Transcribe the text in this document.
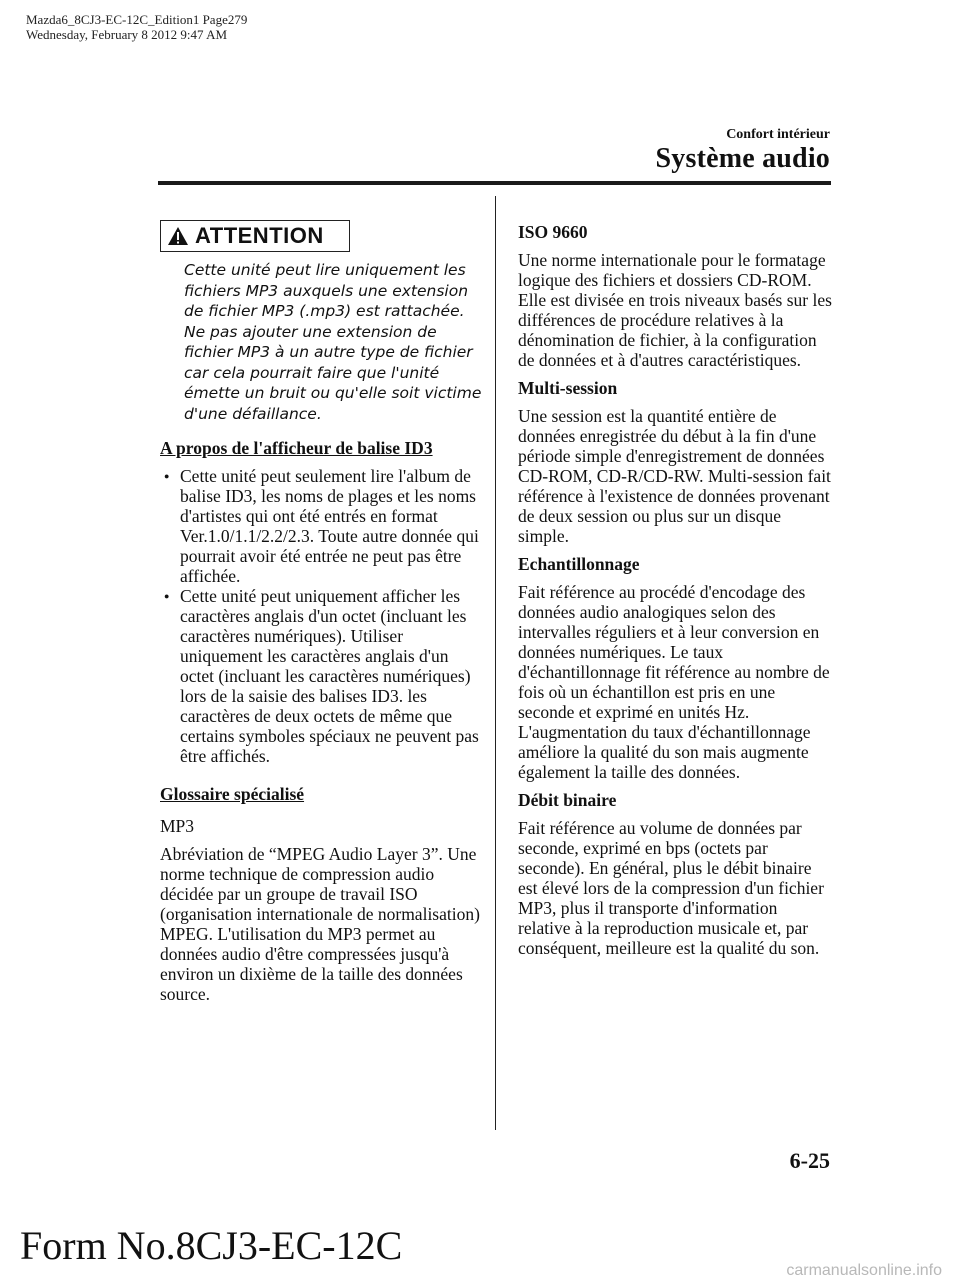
Mazda6_8CJ3-EC-12C_Edition1 Page279
Wednesday, February 8 2012 9:47 AM
Confort intérieur
Système audio
ATTENTION
Cette unité peut lire uniquement les fichiers MP3 auxquels une extension de fichier MP3 (.mp3) est rattachée. Ne pas ajouter une extension de fichier MP3 à un autre type de fichier car cela pourrait faire que l'unité émette un bruit ou qu'elle soit victime d'une défaillance.

A propos de l'afficheur de balise ID3

● Cette unité peut seulement lire l'album de balise ID3, les noms de plages et les noms d'artistes qui ont été entrés en format Ver.1.0/1.1/2.2/2.3. Toute autre donnée qui pourrait avoir été entrée ne peut pas être affichée.
● Cette unité peut uniquement afficher les caractères anglais d'un octet (incluant les caractères numériques). Utiliser uniquement les caractères anglais d'un octet (incluant les caractères numériques) lors de la saisie des balises ID3. les caractères de deux octets de même que certains symboles spéciaux ne peuvent pas être affichés.

Glossaire spécialisé

MP3

Abréviation de “MPEG Audio Layer 3”. Une norme technique de compression audio décidée par un groupe de travail ISO (organisation internationale de normalisation) MPEG. L'utilisation du MP3 permet au données audio d'être compressées jusqu'à environ un dixième de la taille des données source.

ISO 9660

Une norme internationale pour le formatage logique des fichiers et dossiers CD-ROM. Elle est divisée en trois niveaux basés sur les différences de procédure relatives à la dénomination de fichier, à la configuration de données et à d'autres caractéristiques.

Multi-session

Une session est la quantité entière de données enregistrée du début à la fin d'une période simple d'enregistrement de données CD-ROM, CD-R/CD-RW. Multi-session fait référence à l'existence de données provenant de deux session ou plus sur un disque simple.

Echantillonnage

Fait référence au procédé d'encodage des données audio analogiques selon des intervalles réguliers et à leur conversion en données numériques. Le taux d'échantillonnage fit référence au nombre de fois où un échantillon est pris en une seconde et exprimé en unités Hz. L'augmentation du taux d'échantillonnage améliore la qualité du son mais augmente également la taille des données.

Débit binaire

Fait référence au volume de données par seconde, exprimé en bps (octets par seconde). En général, plus le débit binaire est élevé lors de la compression d'un fichier MP3, plus il transporte d'information relative à la reproduction musicale et, par conséquent, meilleure est la qualité du son.

6-25
Form No.8CJ3-EC-12C
carmanualsonline.info
